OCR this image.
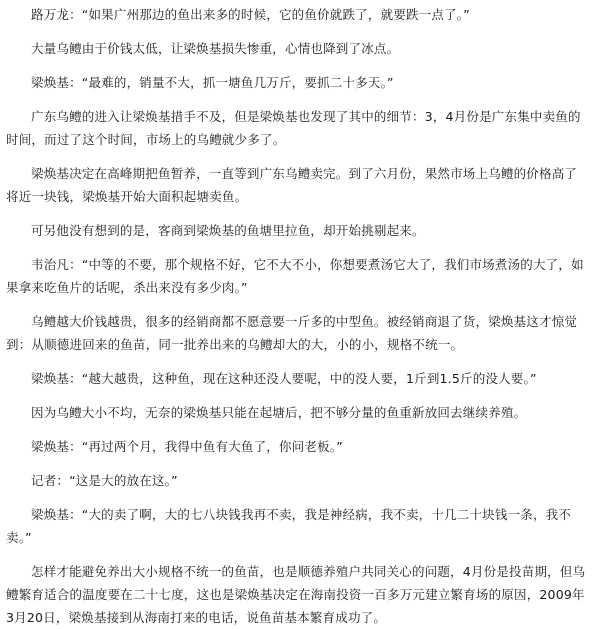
路万龙：“如果广州那边的鱼出来多的时候，它的鱼价就跌了，就要跌一点了。”

大量乌鳢由于价钱太低，让梁焕基损失惨重，心情也降到了冰点。

梁焕基：“最难的，销量不大，抓一塘鱼几万斤，要抓二十多天。”

广东乌鳢的进入让梁焕基措手不及，但是梁焕基也发现了其中的细节：3，4月份是广东集中卖鱼的时间，而过了这个时间，市场上的乌鳢就少多了。

梁焕基决定在高峰期把鱼暂养，一直等到广东乌鳢卖完。到了六月份，果然市场上乌鳢的价格高了将近一块钱，梁焕基开始大面积起塘卖鱼。

可另他没有想到的是，客商到梁焕基的鱼塘里拉鱼，却开始挑剔起来。

韦治凡：“中等的不要，那个规格不好，它不大不小，你想要煮汤它大了，我们市场煮汤的大了，如果拿来吃鱼片的话呢，杀出来没有多少肉。”

乌鳢越大价钱越贵，很多的经销商都不愿意要一斤多的中型鱼。被经销商退了货，梁焕基这才惊觉到：从顺德进回来的鱼苗，同一批养出来的乌鳢却大的大，小的小，规格不统一。

梁焕基：“越大越贵，这种鱼，现在这种还没人要呢，中的没人要，1斤到1.5斤的没人要。”

因为乌鳢大小不均，无奈的梁焕基只能在起塘后，把不够分量的鱼重新放回去继续养殖。

梁焕基：“再过两个月，我得中鱼有大鱼了，你问老板。”

记者：“这是大的放在这。”

梁焕基：“大的卖了啊，大的七八块钱我再不卖，我是神经病，我不卖，十几二十块钱一条，我不卖。”

怎样才能避免养出大小规格不统一的鱼苗，也是顺德养殖户共同关心的问题，4月份是投苗期，但乌鳢繁育适合的温度要在二十七度，这也是梁焕基决定在海南投资一百多万元建立繁育场的原因，2009年3月20日，梁焕基接到从海南打来的电话，说鱼苗基本繁育成功了。
